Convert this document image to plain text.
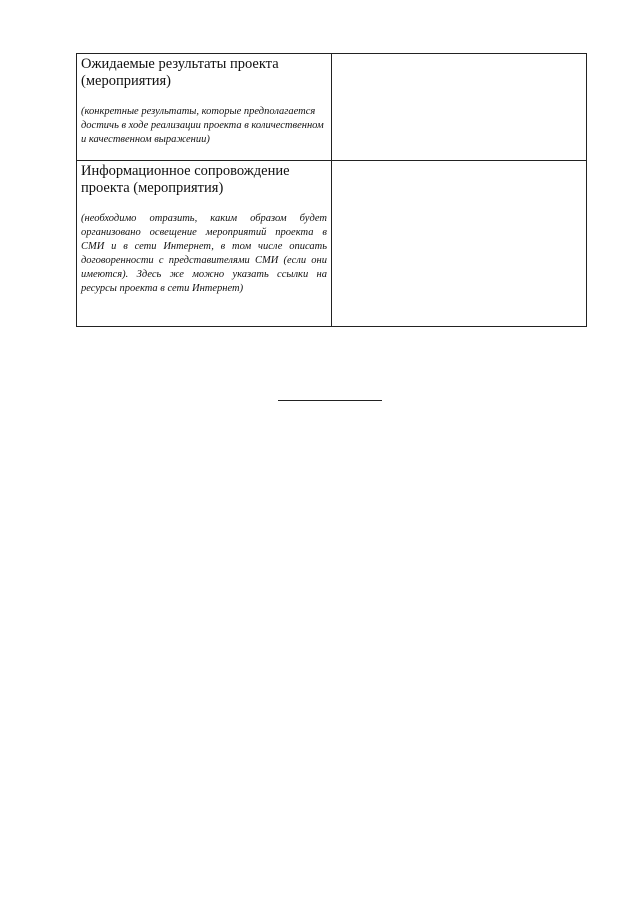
Ожидаемые результаты проекта (мероприятия)
(конкретные результаты, которые предполагается достичь в ходе реализации проекта в количественном и качественном выражении)	

Информационное сопровождение проекта (мероприятия)
(необходимо отразить, каким образом будет организовано освещение мероприятий проекта в СМИ и в сети Интернет, в том числе описать договоренности с представителями СМИ (если они имеются). Здесь же можно указать ссылки на ресурсы проекта в сети Интернет)	
